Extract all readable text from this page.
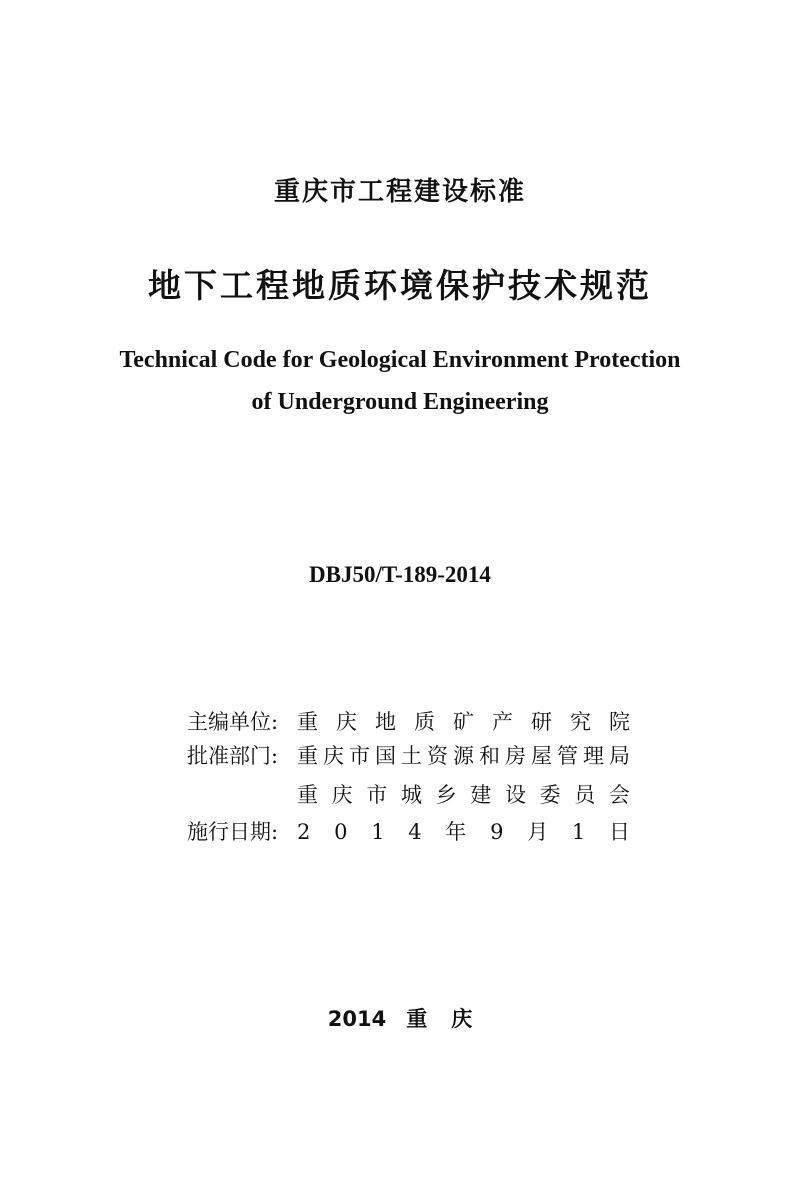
重庆市工程建设标准
地下工程地质环境保护技术规范
Technical Code for Geological Environment Protection
of Underground Engineering
DBJ50/T-189-2014
主编单位: 重 庆 地 质 矿 产 研 究 院
批准部门: 重 庆 市 国 土 资 源 和 房 屋 管 理 局
重 庆 市 城 乡 建 设 委 员 会
施行日期: 2 0 1 4 年 9 月 1 日
2014 重 庆
